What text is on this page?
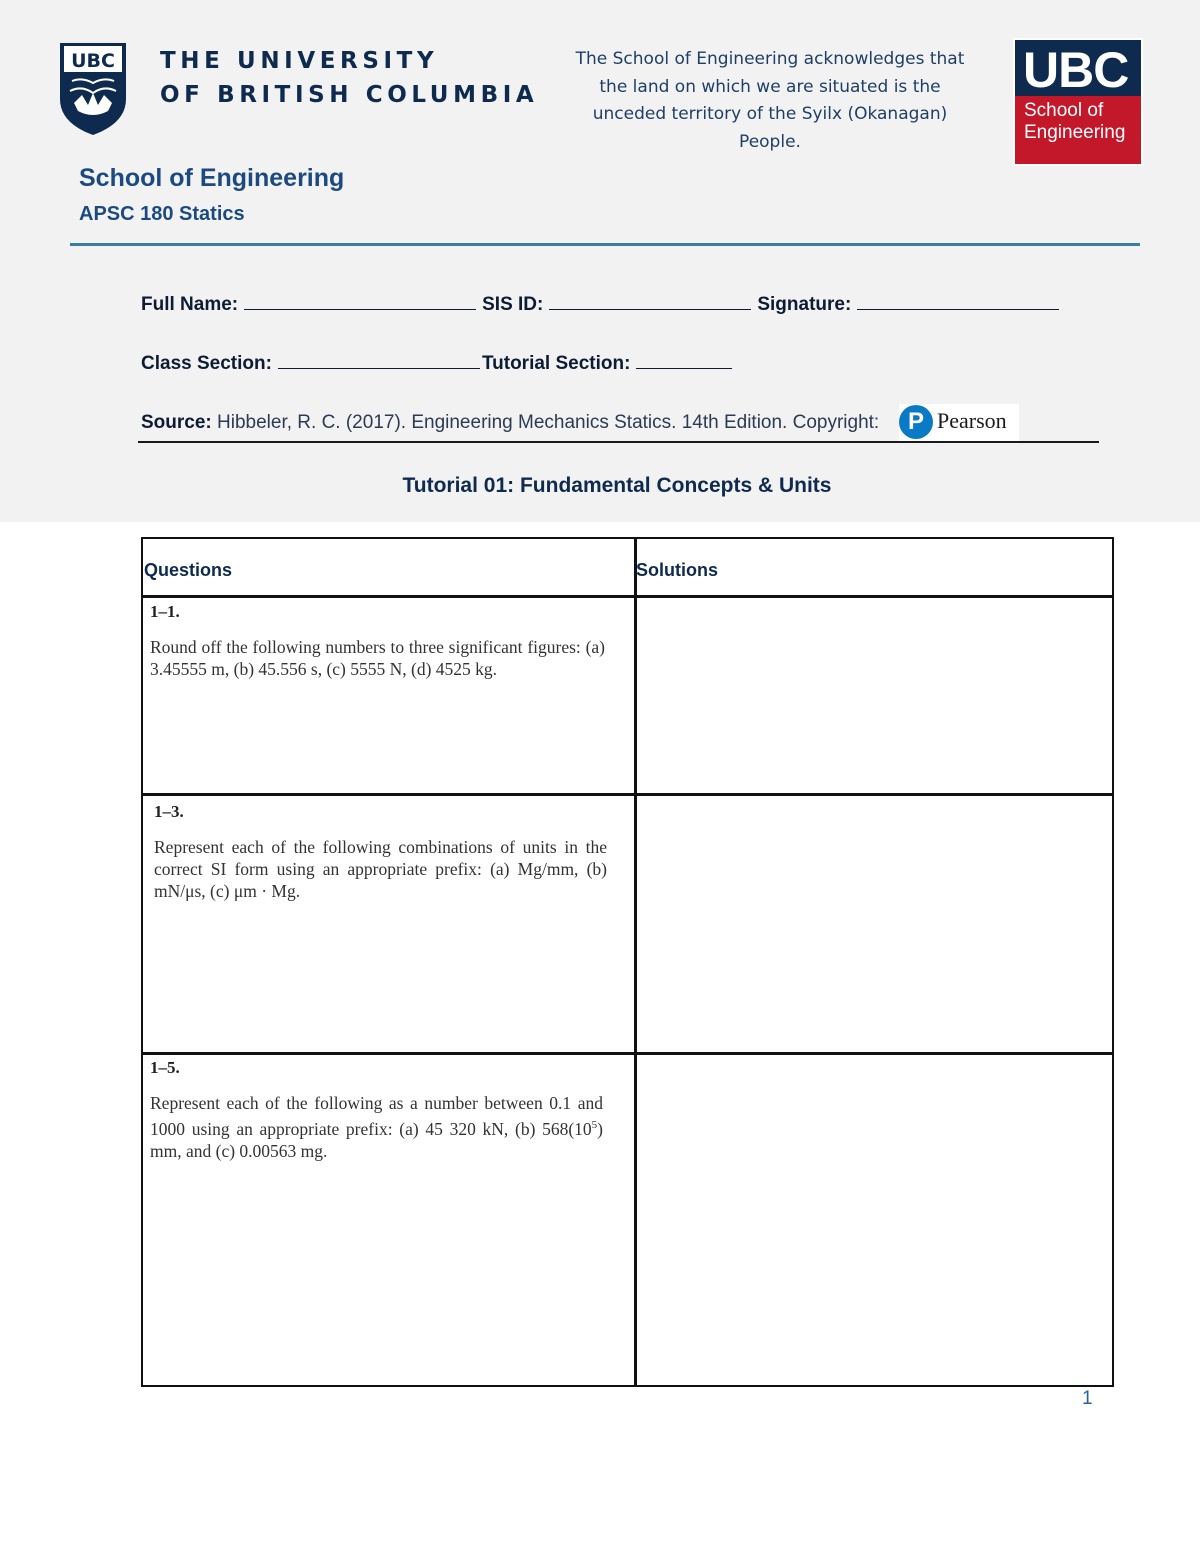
UBC THE UNIVERSITY
OF BRITISH COLUMBIA
The School of Engineering acknowledges that the land on which we are situated is the unceded territory of the Syilx (Okanagan) People.
UBC
School of
Engineering
School of Engineering
APSC 180 Statics
Full Name:	SIS ID:	Signature:
Class Section:	Tutorial Section:
Source: Hibbeler, R. C. (2017). Engineering Mechanics Statics. 14th Edition. Copyright:	P Pearson
Tutorial 01: Fundamental Concepts & Units
Questions	Solutions
1–1.
Round off the following numbers to three significant figures: (a) 3.45555 m, (b) 45.556 s, (c) 5555 N, (d) 4525 kg.
1–3.
Represent each of the following combinations of units in the correct SI form using an appropriate prefix: (a) Mg/mm, (b) mN/μs, (c) μm · Mg.
1–5.
Represent each of the following as a number between 0.1 and 1000 using an appropriate prefix: (a) 45 320 kN, (b) $568(10^5)$ mm, and (c) 0.00563 mg.
1
